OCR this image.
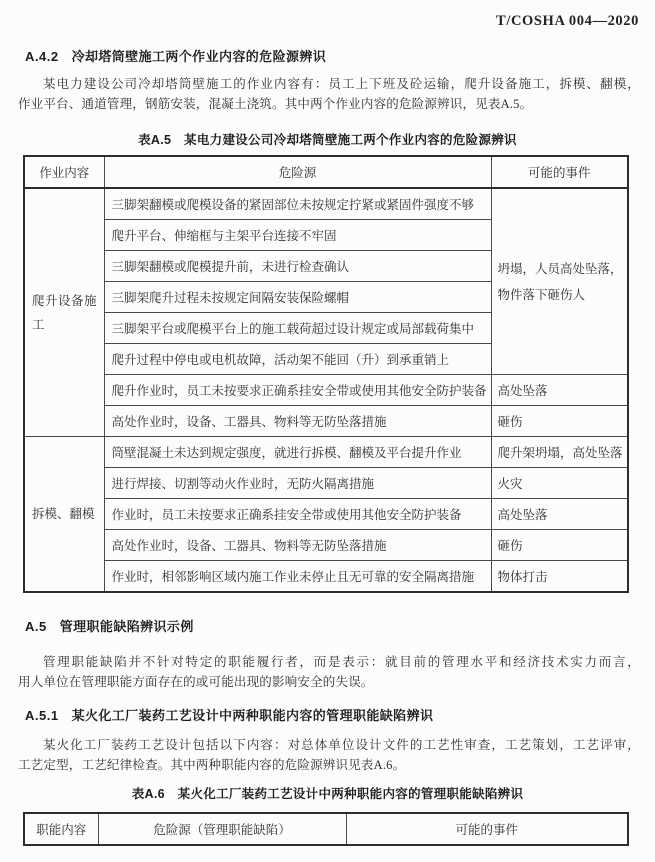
T/COSHA 004—2020
A.4.2 冷却塔筒壁施工两个作业内容的危险源辨识
某电力建设公司冷却塔筒壁施工的作业内容有：员工上下班及砼运输，爬升设备施工，拆模、翻模，
作业平台、通道管理，钢筋安装，混凝土浇筑。其中两个作业内容的危险源辨识，见表A.5。
表A.5　某电力建设公司冷却塔筒壁施工两个作业内容的危险源辨识
作业内容	危险源	可能的事件
爬升设备施工	三脚架翻模或爬模设备的紧固部位未按规定拧紧或紧固件强度不够	坍塌，人员高处坠落，物件落下砸伤人
	爬升平台、伸缩框与主架平台连接不牢固	
	三脚架翻模或爬模提升前，未进行检查确认	
	三脚架爬升过程未按规定间隔安装保险螺帽	
	三脚架平台或爬模平台上的施工载荷超过设计规定或局部载荷集中	
	爬升过程中停电或电机故障，活动架不能回（升）到承重销上	
	爬升作业时，员工未按要求正确系挂安全带或使用其他安全防护装备	高处坠落
	高处作业时，设备、工器具、物料等无防坠落措施	砸伤
拆模、翻模	筒壁混凝土未达到规定强度，就进行拆模、翻模及平台提升作业	爬升架坍塌，高处坠落
	进行焊接、切割等动火作业时，无防火隔离措施	火灾
	作业时，员工未按要求正确系挂安全带或使用其他安全防护装备	高处坠落
	高处作业时，设备、工器具、物料等无防坠落措施	砸伤
	作业时，相邻影响区域内施工作业未停止且无可靠的安全隔离措施	物体打击
A.5 管理职能缺陷辨识示例
管理职能缺陷并不针对特定的职能履行者，而是表示：就目前的管理水平和经济技术实力而言，
用人单位在管理职能方面存在的或可能出现的影响安全的失误。
A.5.1 某火化工厂装药工艺设计中两种职能内容的管理职能缺陷辨识
某火化工厂装药工艺设计包括以下内容：对总体单位设计文件的工艺性审查，工艺策划，工艺评审，
工艺定型，工艺纪律检查。其中两种职能内容的危险源辨识见表A.6。
表A.6　某火化工厂装药工艺设计中两种职能内容的管理职能缺陷辨识
职能内容	危险源（管理职能缺陷）	可能的事件
